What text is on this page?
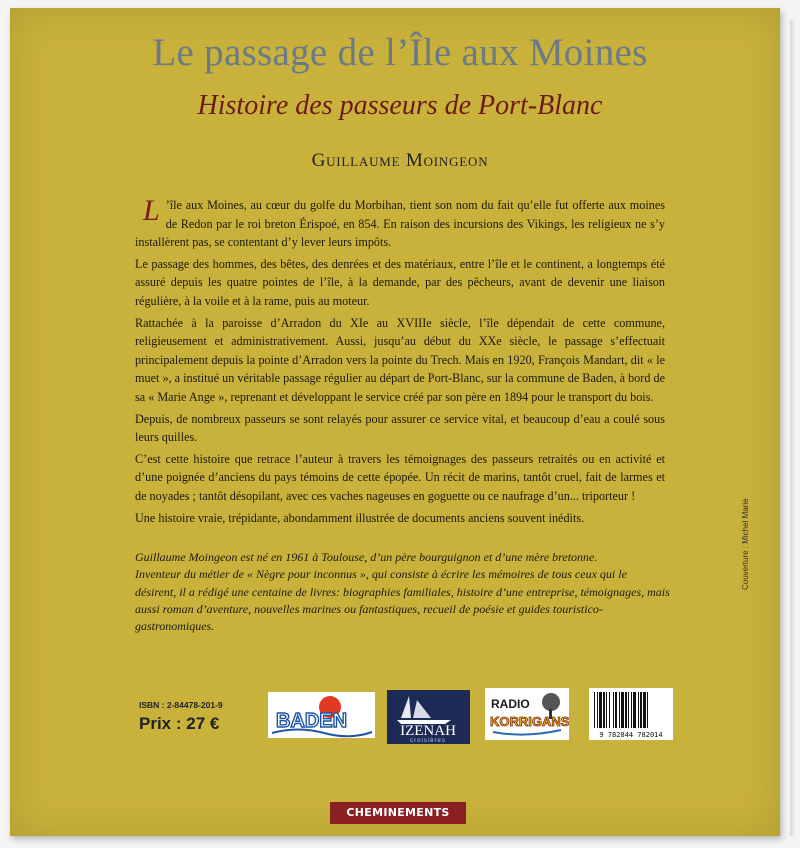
Le passage de l’Île aux Moines
Histoire des passeurs de Port-Blanc
Guillaume Moingeon

L ’île aux Moines, au cœur du golfe du Morbihan, tient son nom du fait qu’elle fut offerte aux moines de Redon par le roi breton Érispoé, en 854. En raison des incursions des Vikings, les religieux ne s’y installèrent pas, se contentant d’y lever leurs impôts.

Le passage des hommes, des bêtes, des denrées et des matériaux, entre l’île et le continent, a longtemps été assuré depuis les quatre pointes de l’île, à la demande, par des pêcheurs, avant de devenir une liaison régulière, à la voile et à la rame, puis au moteur.

Rattachée à la paroisse d’Arradon du XIe au XVIIIe siècle, l’île dépendait de cette commune, religieusement et administrativement. Aussi, jusqu’au début du XXe siècle, le passage s’effectuait principalement depuis la pointe d’Arradon vers la pointe du Trech. Mais en 1920, François Mandart, dit « le muet », a institué un véritable passage régulier au départ de Port-Blanc, sur la commune de Baden, à bord de sa « Marie Ange », reprenant et développant le service créé par son père en 1894 pour le transport du bois.

Depuis, de nombreux passeurs se sont relayés pour assurer ce service vital, et beaucoup d’eau a coulé sous leurs quilles.

C’est cette histoire que retrace l’auteur à travers les témoignages des passeurs retraités ou en activité et d’une poignée d’anciens du pays témoins de cette épopée. Un récit de marins, tantôt cruel, fait de larmes et de noyades ; tantôt désopilant, avec ces vaches nageuses en goguette ou ce naufrage d’un... triporteur !

Une histoire vraie, trépidante, abondamment illustrée de documents anciens souvent inédits.

Guillaume Moingeon est né en 1961 à Toulouse, d’un père bourguignon et d’une mère bretonne.

Inventeur du métier de « Nègre pour inconnus », qui consiste à écrire les mémoires de tous ceux qui le désirent, il a rédigé une centaine de livres: biographies familiales, histoire d’une entreprise, témoignages, mais aussi roman d’aventure, nouvelles marines ou fantastiques, recueil de poésie et guides touristico-gastronomiques.

Couverture : Michel Marie
ISBN : 2-84478-201-9
Prix : 27 €	BADEN	IZENAH
croisières
RADIO
KORRIGANS
9 782844 782014
CHEMINEMENTS
